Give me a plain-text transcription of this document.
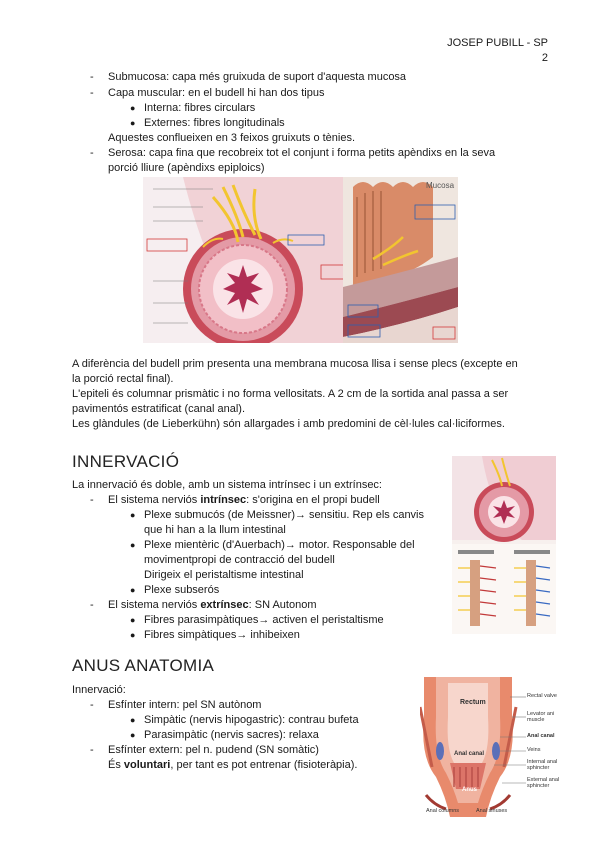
JOSEP PUBILL - SP
2
- Submucosa: capa més gruixuda de suport d'aquesta mucosa
- Capa muscular: en el budell hi han dos tipus
● Interna: fibres circulars
● Externes: fibres longitudinals
Aquestes conflueixen en 3 feixos gruixuts o tènies.
- Serosa: capa fina que recobreix tot el conjunt i forma petits apèndixs en la seva
porció lliure (apèndixs epiploics)
Mucosa
A diferència del budell prim presenta una membrana mucosa llisa i sense plecs (excepte en
la porció rectal final).
L'epiteli és columnar prismàtic i no forma vellositats. A 2 cm de la sortida anal passa a ser
pavimentós estratificat (canal anal).
Les glàndules (de Lieberkühn) són allargades i amb predomini de cèl·lules cal·liciformes.
INNERVACIÓ
La innervació és doble, amb un sistema intrínsec i un extrínsec:
- El sistema nerviós intrínsec: s'origina en el propi budell
● Plexe submucós (de Meissner)→ sensitiu. Rep els canvis
que hi han a la llum intestinal
● Plexe mientèric (d'Auerbach)→ motor. Responsable del
movimentpropi de contracció del budell
Dirigeix el peristaltisme intestinal
● Plexe subserós
- El sistema nerviós extrínsec: SN Autonom
● Fibres parasimpàtiques→ activen el peristaltisme
● Fibres simpàtiques→ inhibeixen
ANUS ANATOMIA
Innervació:
- Esfínter intern: pel SN autònom
● Simpàtic (nervis hipogastric): contrau bufeta
● Parasimpàtic (nervis sacres): relaxa
- Esfínter extern: pel n. pudend (SN somàtic)
És voluntari, per tant es pot entrenar (fisioteràpia).
Rectum
Anal canal
Anus
Rectal valve
Levator ani muscle
Anal canal
Veins
Internal anal sphincter
External anal sphincter
Anal columns	Anal sinuses
